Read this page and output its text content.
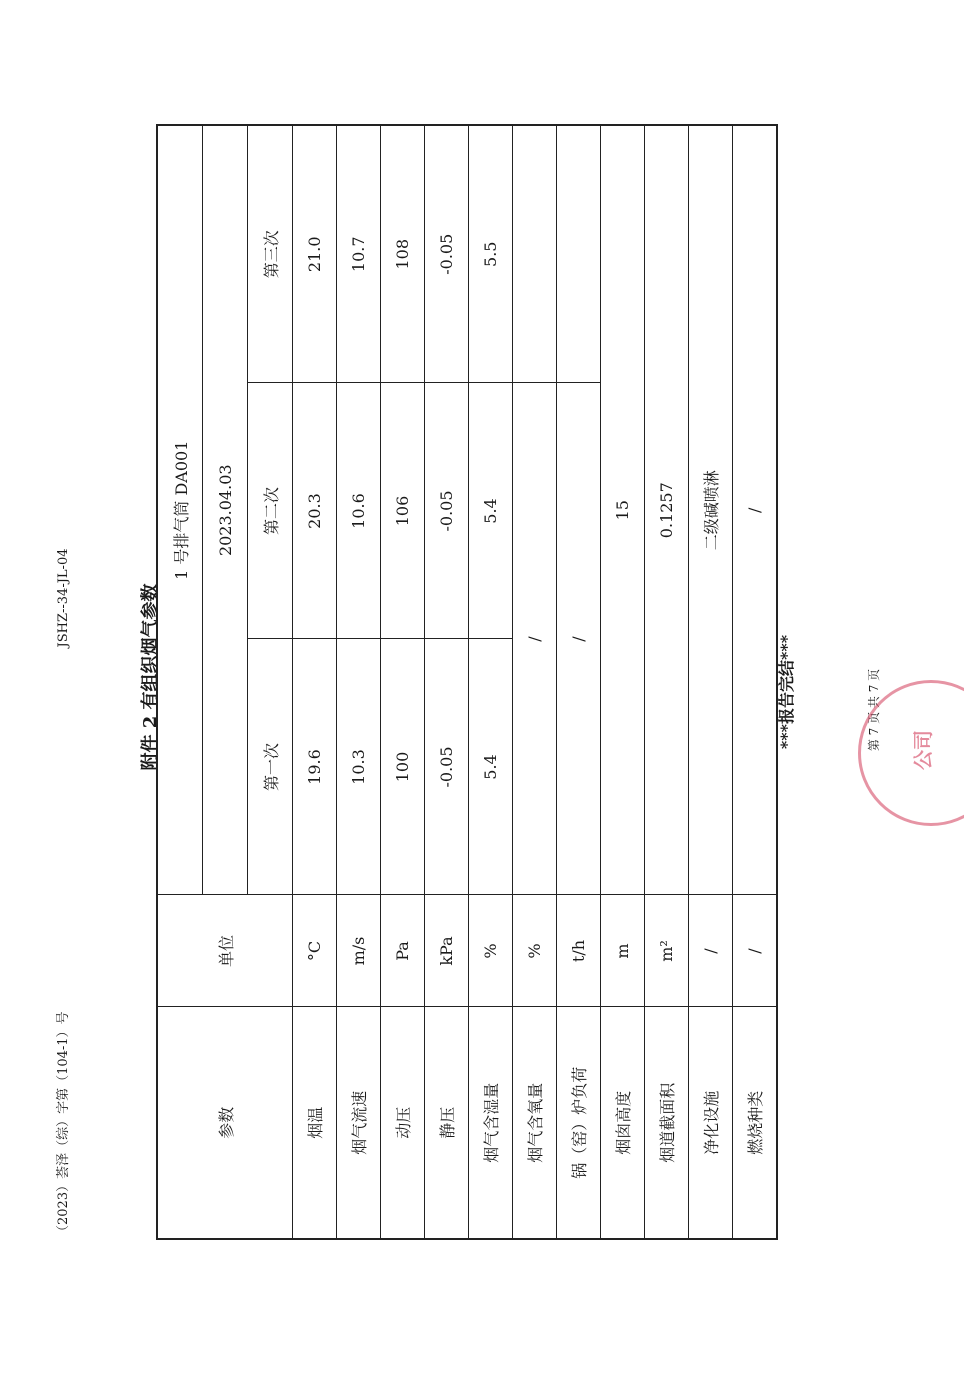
（2023）荟泽（综）字第（104-1）号
JSHZ--34-JL-04	附件 2 有组织烟气参数
参数	单位	1 号排气筒 DA001		
		2023.04.03		
		第一次	第二次	第三次
烟温	°C	19.6	20.3	21.0
烟气流速	m/s	10.3	10.6	10.7
动压	Pa	100	106	108
静压	kPa	-0.05	-0.05	-0.05
烟气含湿量	%	5.4	5.4	5.5
烟气含氧量	%	/		
锅（窑）炉负荷	t/h	/		
烟囱高度	m	15		
烟道截面积	m²	0.1257		
净化设施	/	二级碱喷淋		
燃烧种类	/	/		
***报告完结***	第 7 页 共 7 页 公司
